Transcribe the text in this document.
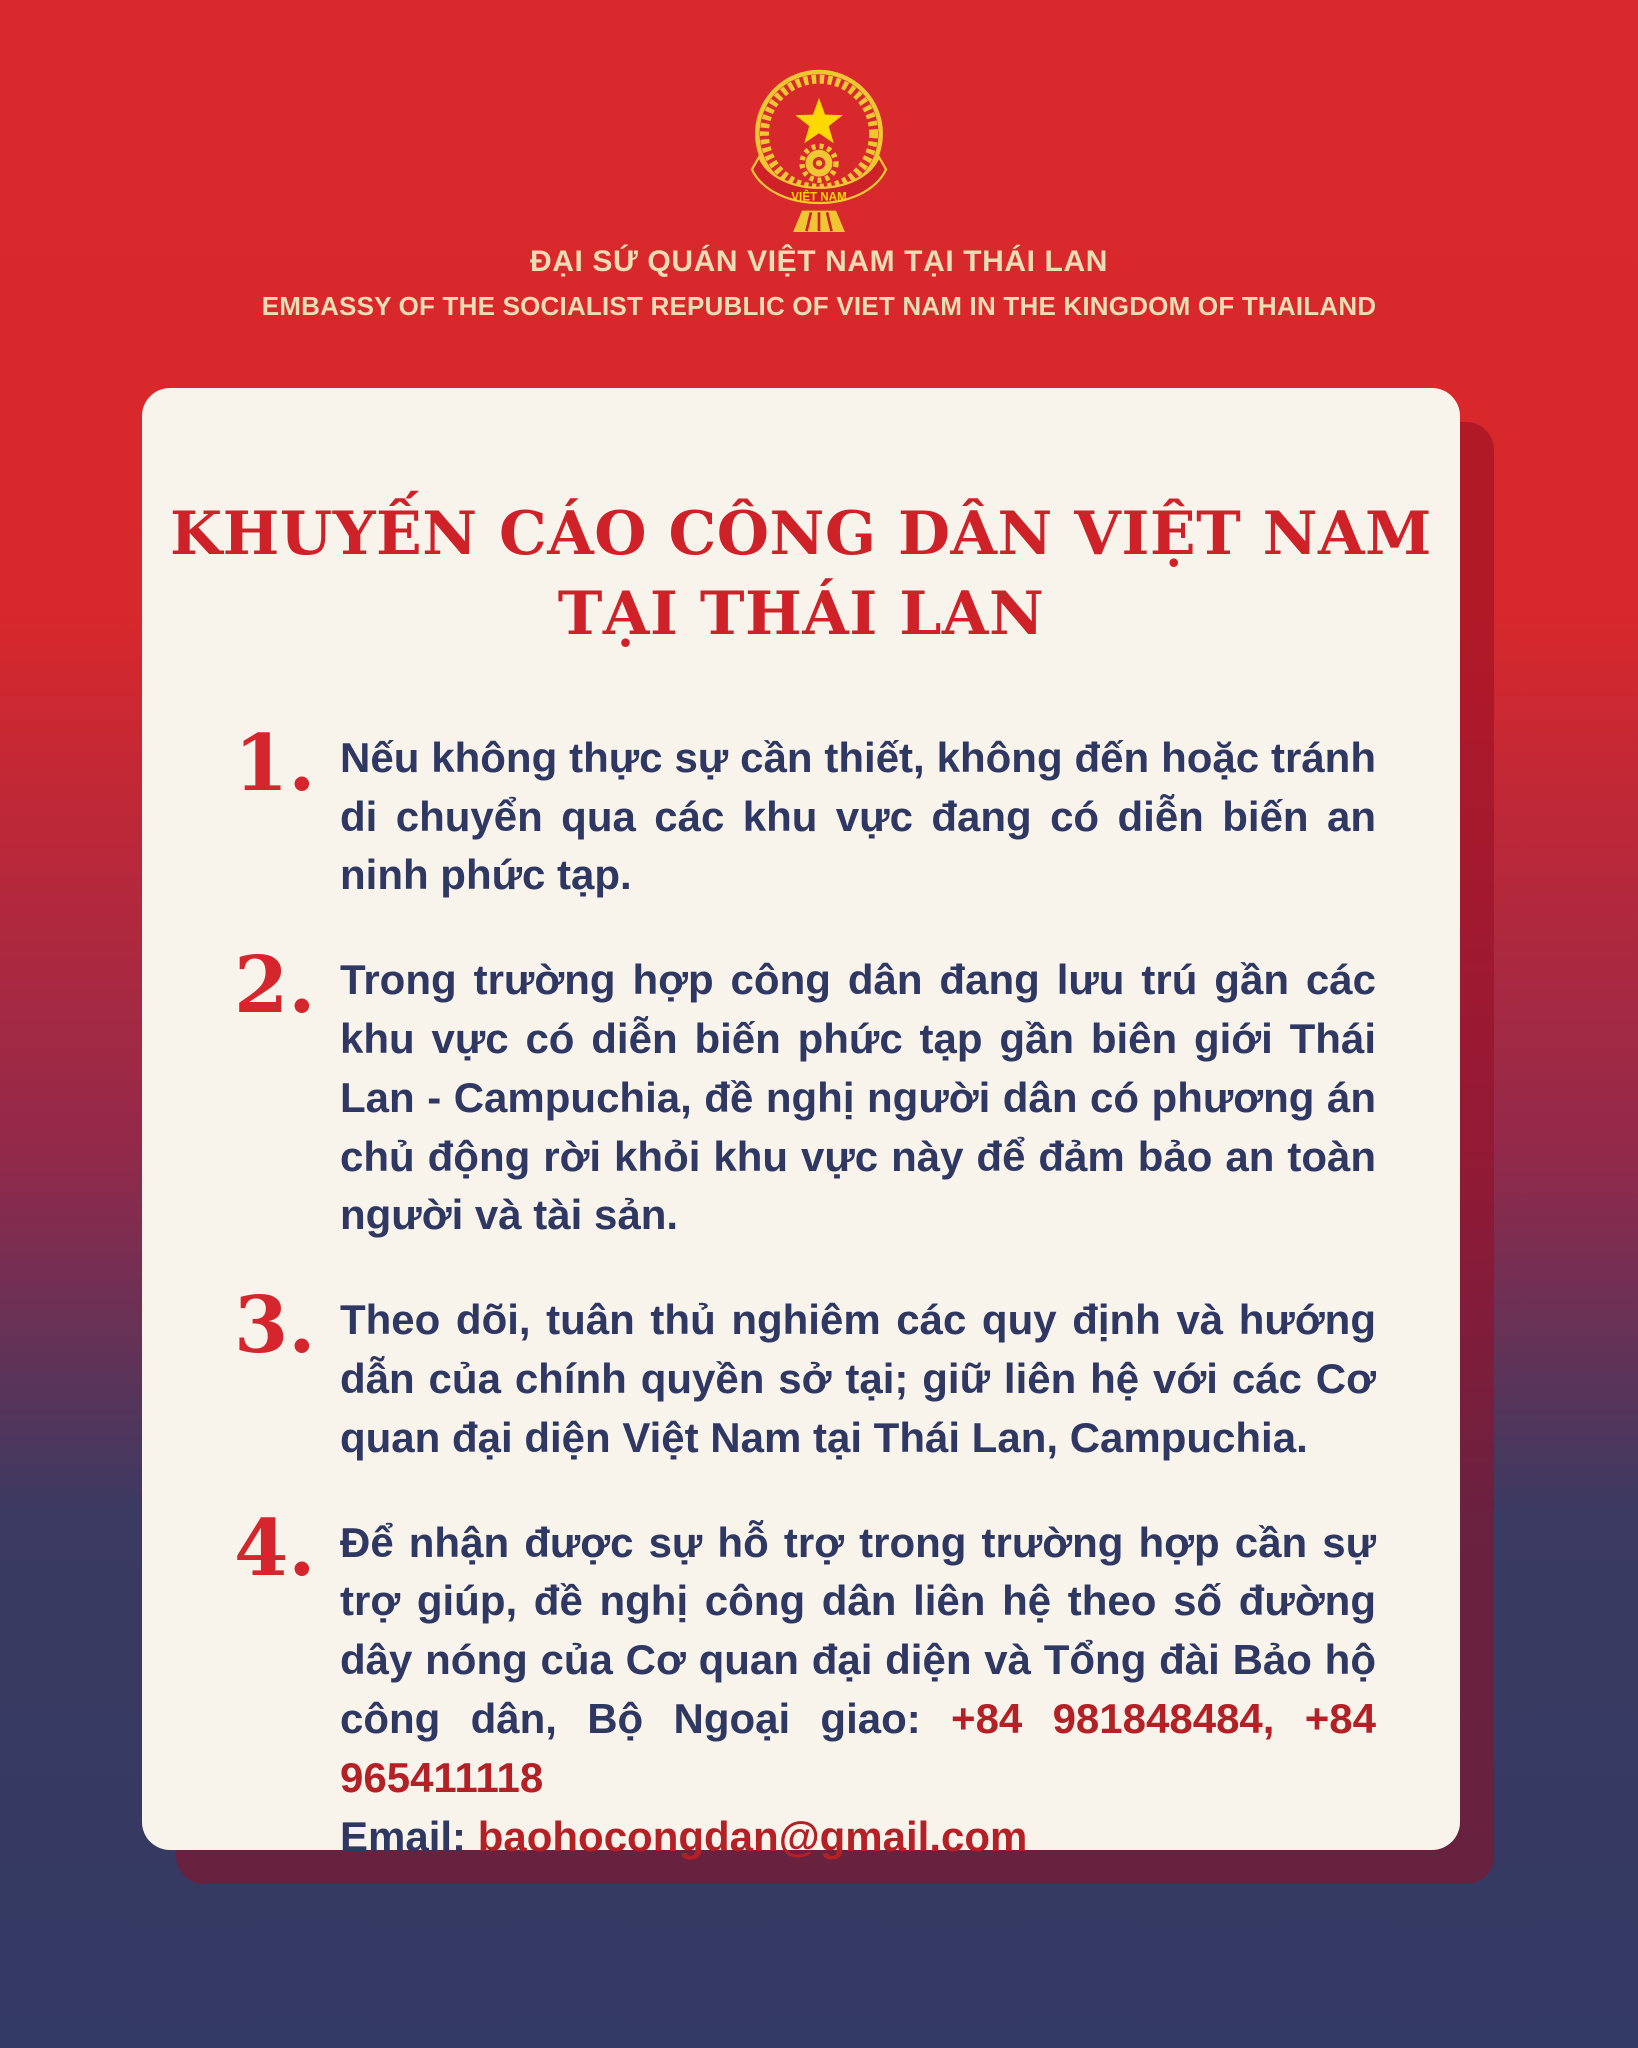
VIỆT NAM
ĐẠI SỨ QUÁN VIỆT NAM TẠI THÁI LAN
EMBASSY OF THE SOCIALIST REPUBLIC OF VIET NAM IN THE KINGDOM OF THAILAND
KHUYẾN CÁO CÔNG DÂN VIỆT NAM
TẠI THÁI LAN
1. Nếu không thực sự cần thiết, không đến hoặc tránh di chuyển qua các khu vực đang có diễn biến an ninh phức tạp.

2. Trong trường hợp công dân đang lưu trú gần các khu vực có diễn biến phức tạp gần biên giới Thái Lan - Campuchia, đề nghị người dân có phương án chủ động rời khỏi khu vực này để đảm bảo an toàn người và tài sản.

3. Theo dõi, tuân thủ nghiêm các quy định và hướng dẫn của chính quyền sở tại; giữ liên hệ với các Cơ quan đại diện Việt Nam tại Thái Lan, Campuchia.

4. Để nhận được sự hỗ trợ trong trường hợp cần sự trợ giúp, đề nghị công dân liên hệ theo số đường dây nóng của Cơ quan đại diện và Tổng đài Bảo hộ công dân, Bộ Ngoại giao: +84 981848484, +84 965411118
Email: baohocongdan@gmail.com
